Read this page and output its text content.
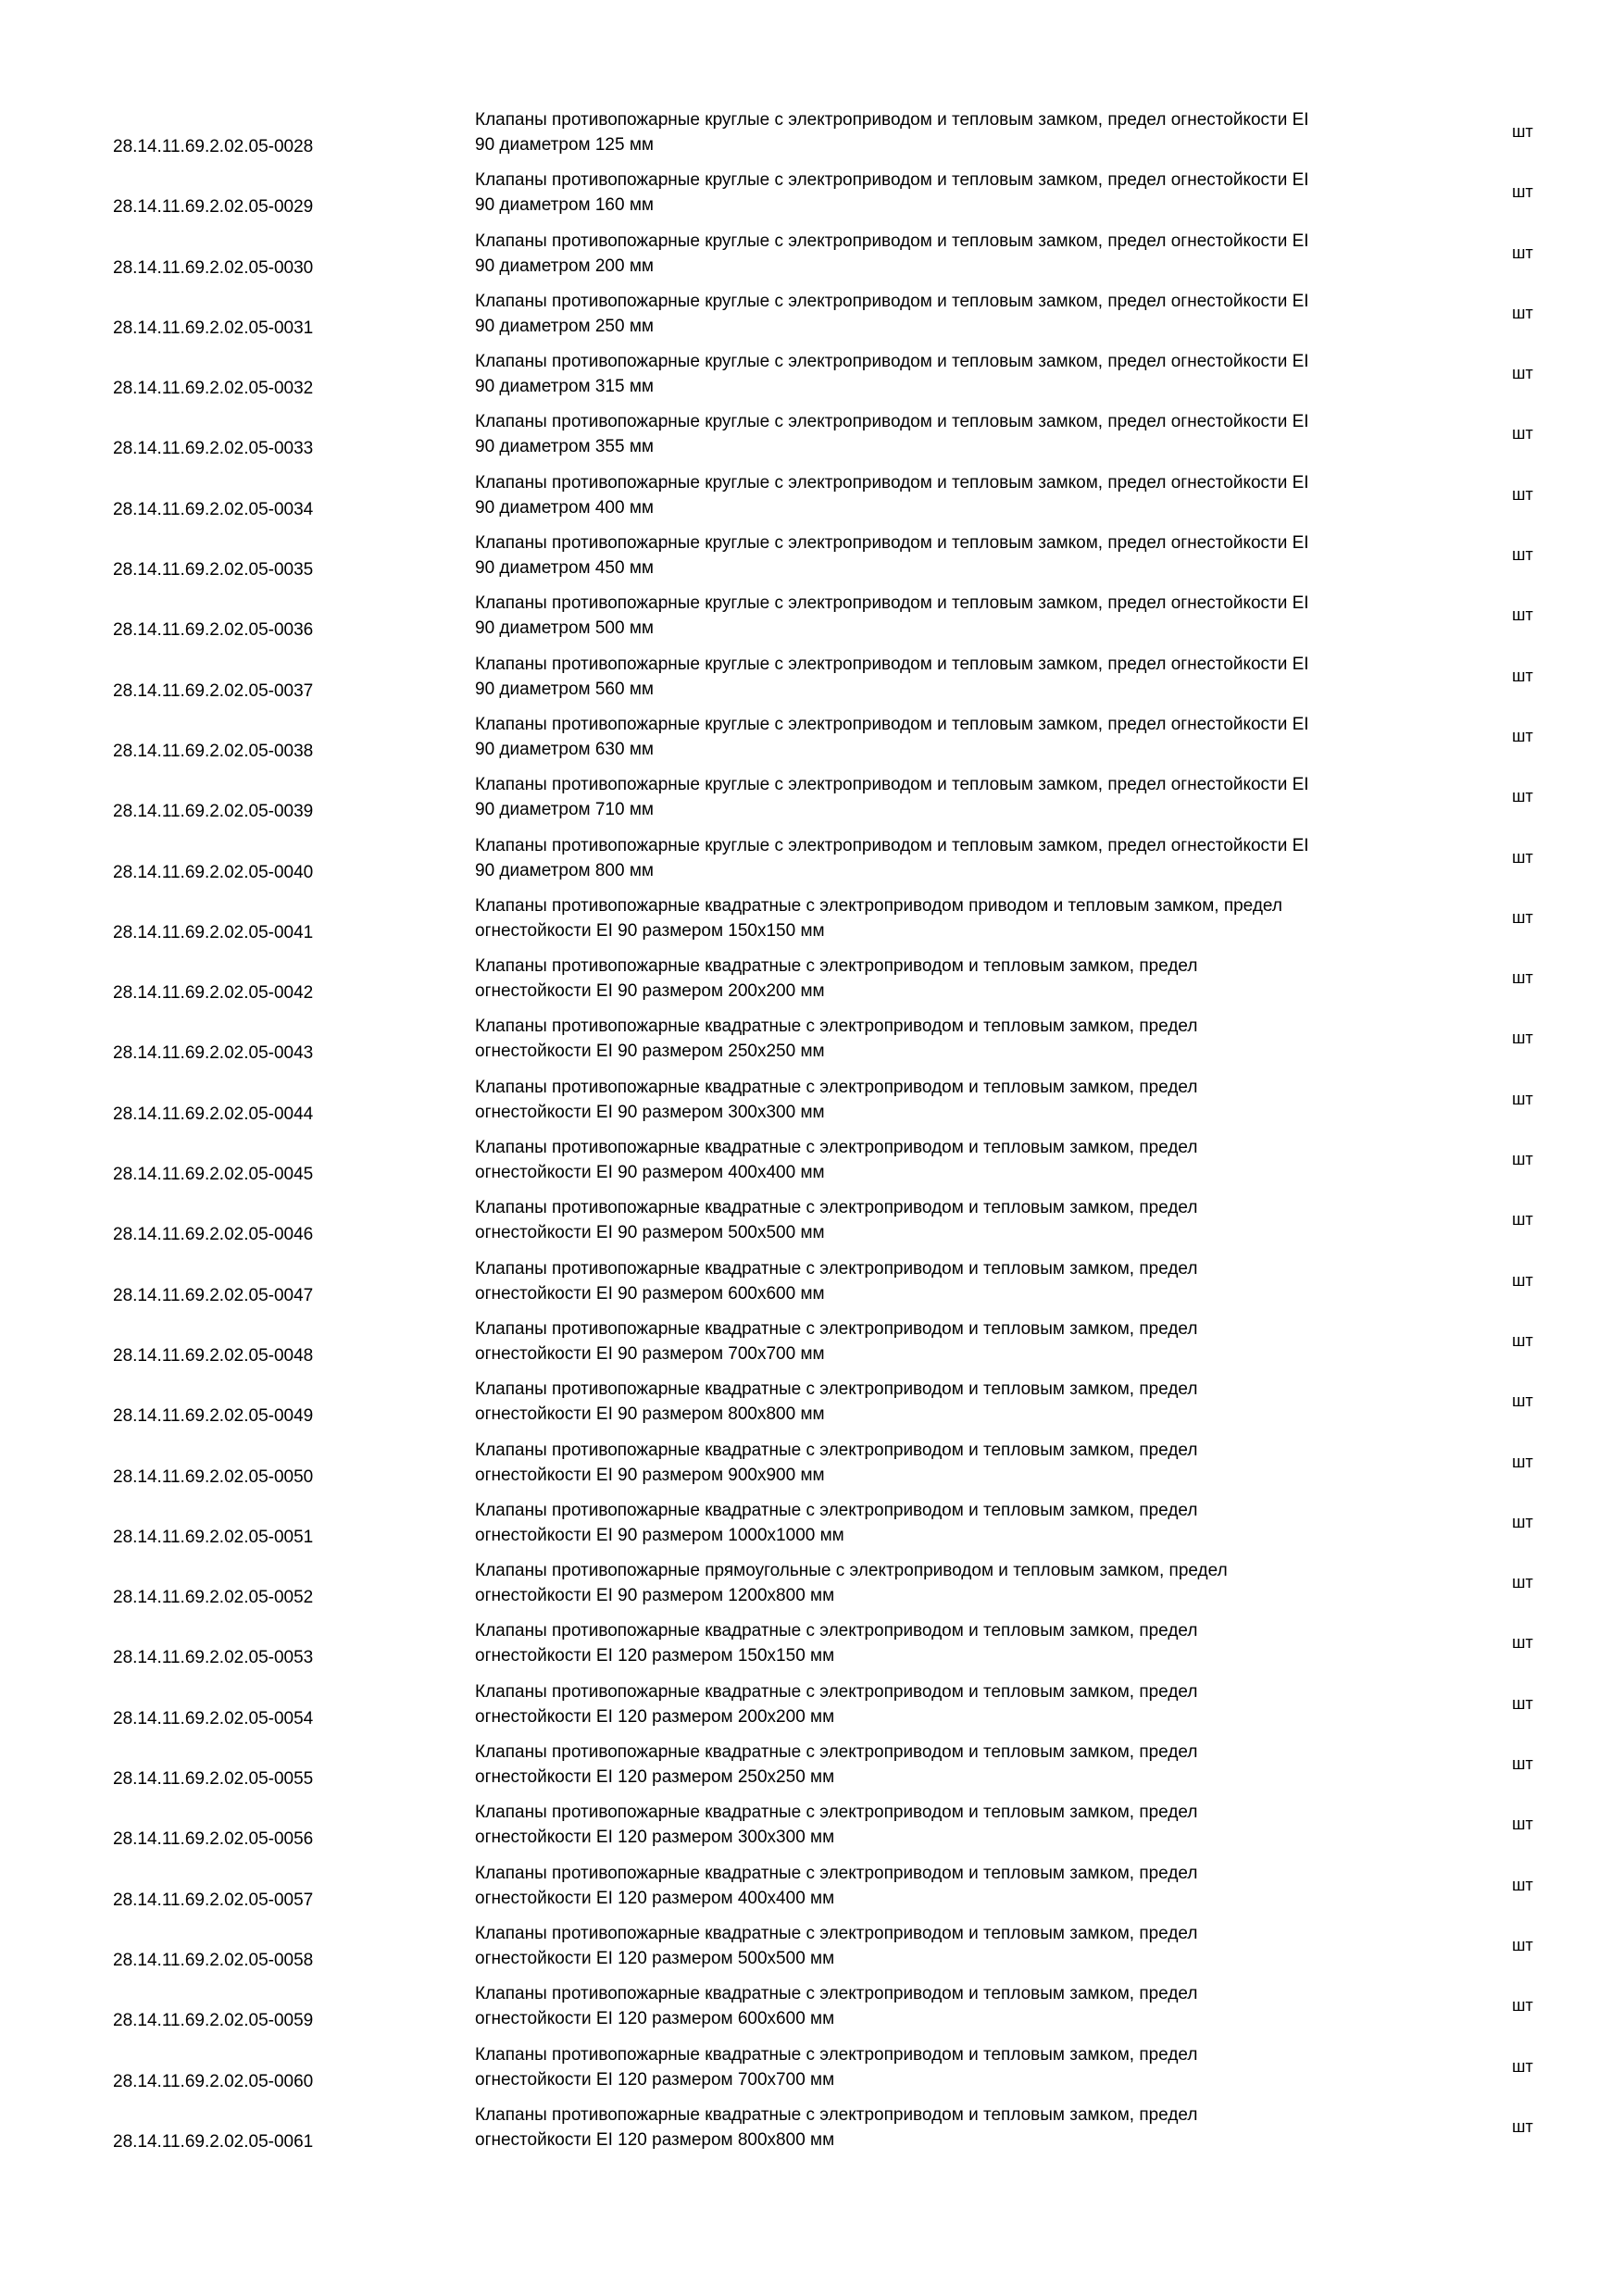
28.14.11.69.2.02.05-0028
Клапаны противопожарные круглые с электроприводом и тепловым замком, предел огнестойкости EI
90 диаметром 125 мм
шт
28.14.11.69.2.02.05-0029
Клапаны противопожарные круглые с электроприводом и тепловым замком, предел огнестойкости EI
90 диаметром 160 мм
шт
28.14.11.69.2.02.05-0030
Клапаны противопожарные круглые с электроприводом и тепловым замком, предел огнестойкости EI
90 диаметром 200 мм
шт
28.14.11.69.2.02.05-0031
Клапаны противопожарные круглые с электроприводом и тепловым замком, предел огнестойкости EI
90 диаметром 250 мм
шт
28.14.11.69.2.02.05-0032
Клапаны противопожарные круглые с электроприводом и тепловым замком, предел огнестойкости EI
90 диаметром 315 мм
шт
28.14.11.69.2.02.05-0033
Клапаны противопожарные круглые с электроприводом и тепловым замком, предел огнестойкости EI
90 диаметром 355 мм
шт
28.14.11.69.2.02.05-0034
Клапаны противопожарные круглые с электроприводом и тепловым замком, предел огнестойкости EI
90 диаметром 400 мм
шт
28.14.11.69.2.02.05-0035
Клапаны противопожарные круглые с электроприводом и тепловым замком, предел огнестойкости EI
90 диаметром 450 мм
шт
28.14.11.69.2.02.05-0036
Клапаны противопожарные круглые с электроприводом и тепловым замком, предел огнестойкости EI
90 диаметром 500 мм
шт
28.14.11.69.2.02.05-0037
Клапаны противопожарные круглые с электроприводом и тепловым замком, предел огнестойкости EI
90 диаметром 560 мм
шт
28.14.11.69.2.02.05-0038
Клапаны противопожарные круглые с электроприводом и тепловым замком, предел огнестойкости EI
90 диаметром 630 мм
шт
28.14.11.69.2.02.05-0039
Клапаны противопожарные круглые с электроприводом и тепловым замком, предел огнестойкости EI
90 диаметром 710 мм
шт
28.14.11.69.2.02.05-0040
Клапаны противопожарные круглые с электроприводом и тепловым замком, предел огнестойкости EI
90 диаметром 800 мм
шт
28.14.11.69.2.02.05-0041
Клапаны противопожарные квадратные с электроприводом приводом и тепловым замком, предел
огнестойкости EI 90 размером 150x150 мм
шт
28.14.11.69.2.02.05-0042
Клапаны противопожарные квадратные с электроприводом и тепловым замком, предел
огнестойкости EI 90 размером 200x200 мм
шт
28.14.11.69.2.02.05-0043
Клапаны противопожарные квадратные с электроприводом и тепловым замком, предел
огнестойкости EI 90 размером 250x250 мм
шт
28.14.11.69.2.02.05-0044
Клапаны противопожарные квадратные с электроприводом и тепловым замком, предел
огнестойкости EI 90 размером 300x300 мм
шт
28.14.11.69.2.02.05-0045
Клапаны противопожарные квадратные с электроприводом и тепловым замком, предел
огнестойкости EI 90 размером 400x400 мм
шт
28.14.11.69.2.02.05-0046
Клапаны противопожарные квадратные с электроприводом и тепловым замком, предел
огнестойкости EI 90 размером 500x500 мм
шт
28.14.11.69.2.02.05-0047
Клапаны противопожарные квадратные с электроприводом и тепловым замком, предел
огнестойкости EI 90 размером 600x600 мм
шт
28.14.11.69.2.02.05-0048
Клапаны противопожарные квадратные с электроприводом и тепловым замком, предел
огнестойкости EI 90 размером 700x700 мм
шт
28.14.11.69.2.02.05-0049
Клапаны противопожарные квадратные с электроприводом и тепловым замком, предел
огнестойкости EI 90 размером 800x800 мм
шт
28.14.11.69.2.02.05-0050
Клапаны противопожарные квадратные с электроприводом и тепловым замком, предел
огнестойкости EI 90 размером 900x900 мм
шт
28.14.11.69.2.02.05-0051
Клапаны противопожарные квадратные с электроприводом и тепловым замком, предел
огнестойкости EI 90 размером 1000x1000 мм
шт
28.14.11.69.2.02.05-0052
Клапаны противопожарные прямоугольные с электроприводом и тепловым замком, предел
огнестойкости EI 90 размером 1200x800 мм
шт
28.14.11.69.2.02.05-0053
Клапаны противопожарные квадратные с электроприводом и тепловым замком, предел
огнестойкости EI 120 размером 150x150 мм
шт
28.14.11.69.2.02.05-0054
Клапаны противопожарные квадратные с электроприводом и тепловым замком, предел
огнестойкости EI 120 размером 200x200 мм
шт
28.14.11.69.2.02.05-0055
Клапаны противопожарные квадратные с электроприводом и тепловым замком, предел
огнестойкости EI 120 размером 250x250 мм
шт
28.14.11.69.2.02.05-0056
Клапаны противопожарные квадратные с электроприводом и тепловым замком, предел
огнестойкости EI 120 размером 300x300 мм
шт
28.14.11.69.2.02.05-0057
Клапаны противопожарные квадратные с электроприводом и тепловым замком, предел
огнестойкости EI 120 размером 400x400 мм
шт
28.14.11.69.2.02.05-0058
Клапаны противопожарные квадратные с электроприводом и тепловым замком, предел
огнестойкости EI 120 размером 500x500 мм
шт
28.14.11.69.2.02.05-0059
Клапаны противопожарные квадратные с электроприводом и тепловым замком, предел
огнестойкости EI 120 размером 600x600 мм
шт
28.14.11.69.2.02.05-0060
Клапаны противопожарные квадратные с электроприводом и тепловым замком, предел
огнестойкости EI 120 размером 700x700 мм
шт
28.14.11.69.2.02.05-0061
Клапаны противопожарные квадратные с электроприводом и тепловым замком, предел
огнестойкости EI 120 размером 800x800 мм
шт
